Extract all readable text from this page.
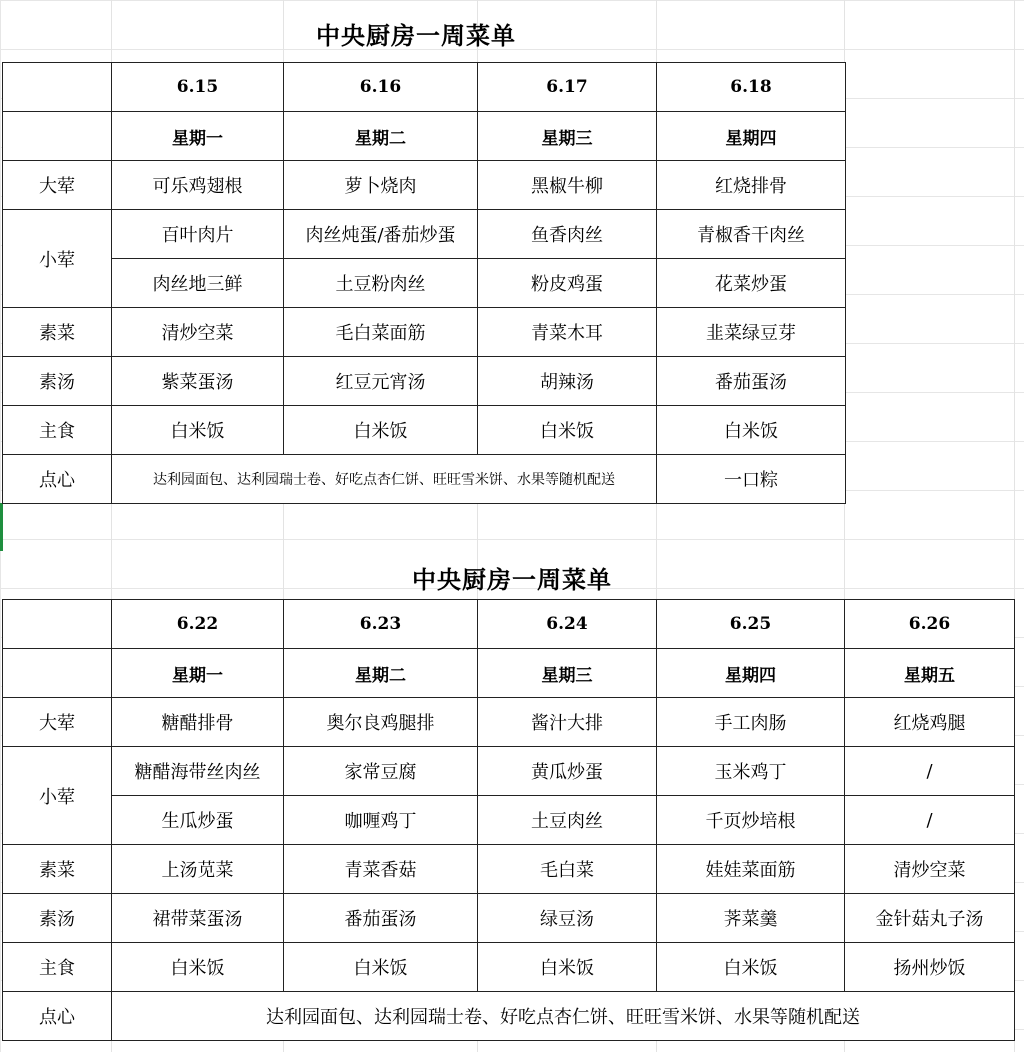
中央厨房一周菜单
	6.15	6.16	6.17	6.18
	星期一	星期二	星期三	星期四
大荤	可乐鸡翅根	萝卜烧肉	黑椒牛柳	红烧排骨
小荤	百叶肉片	肉丝炖蛋/番茄炒蛋	鱼香肉丝	青椒香干肉丝
	肉丝地三鲜	土豆粉肉丝	粉皮鸡蛋	花菜炒蛋
素菜	清炒空菜	毛白菜面筋	青菜木耳	韭菜绿豆芽
素汤	紫菜蛋汤	红豆元宵汤	胡辣汤	番茄蛋汤
主食	白米饭	白米饭	白米饭	白米饭
点心	达利园面包、达利园瑞士卷、好吃点杏仁饼、旺旺雪米饼、水果等随机配送			一口粽
中央厨房一周菜单
	6.22	6.23	6.24	6.25	6.26
	星期一	星期二	星期三	星期四	星期五
大荤	糖醋排骨	奥尔良鸡腿排	酱汁大排	手工肉肠	红烧鸡腿
小荤	糖醋海带丝肉丝	家常豆腐	黄瓜炒蛋	玉米鸡丁	/
	生瓜炒蛋	咖喱鸡丁	土豆肉丝	千页炒培根	/
素菜	上汤苋菜	青菜香菇	毛白菜	娃娃菜面筋	清炒空菜
素汤	裙带菜蛋汤	番茄蛋汤	绿豆汤	荠菜羹	金针菇丸子汤
主食	白米饭	白米饭	白米饭	白米饭	扬州炒饭
点心	达利园面包、达利园瑞士卷、好吃点杏仁饼、旺旺雪米饼、水果等随机配送				
